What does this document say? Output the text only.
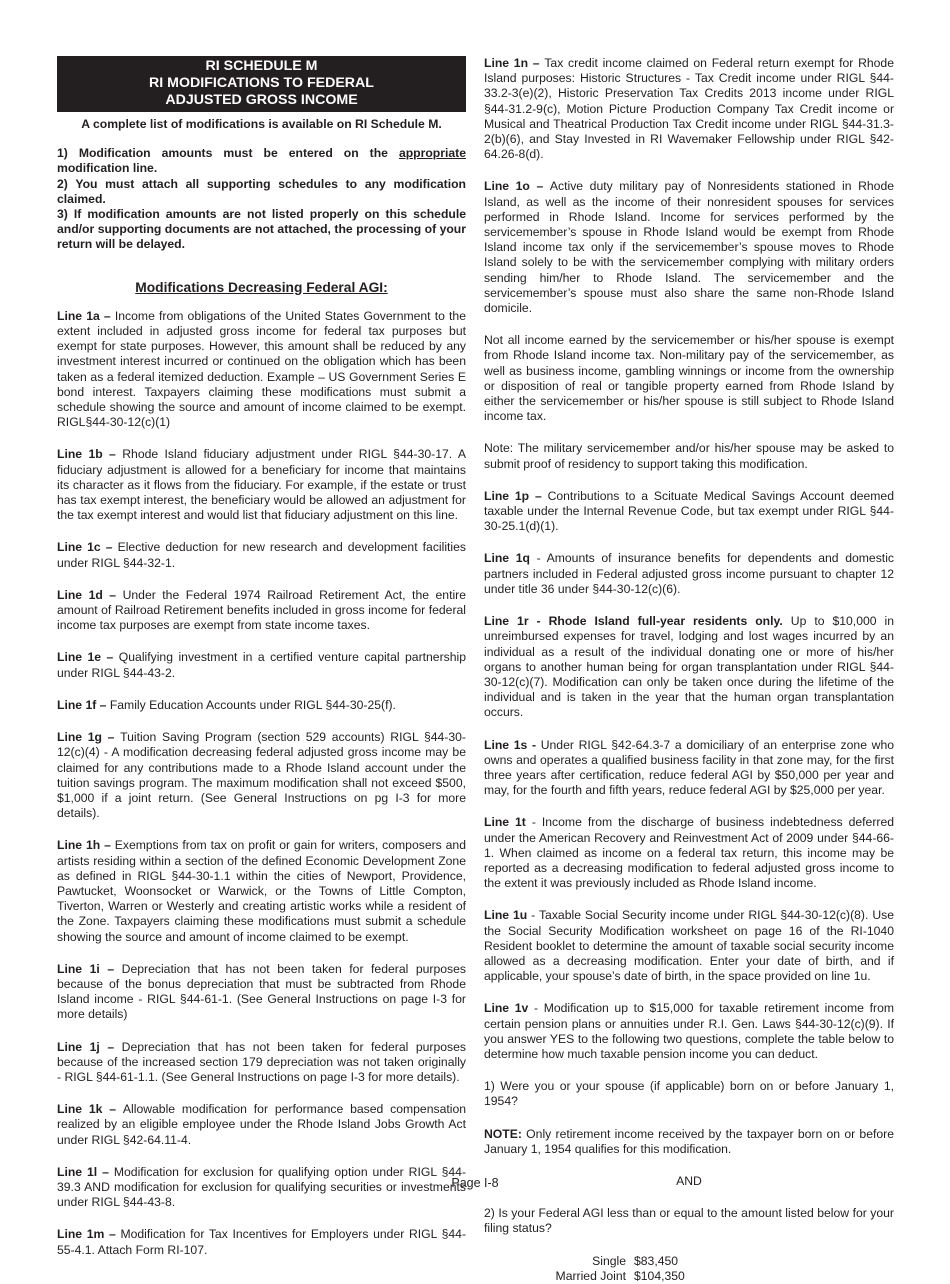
RI SCHEDULE M
RI MODIFICATIONS TO FEDERAL
ADJUSTED GROSS INCOME
A complete list of modifications is available on RI Schedule M.
1) Modification amounts must be entered on the appropriate modification line.
2) You must attach all supporting schedules to any modification claimed.
3) If modification amounts are not listed properly on this schedule and/or supporting documents are not attached, the processing of your return will be delayed.
Modifications Decreasing Federal AGI:

Line 1a – Income from obligations of the United States Government to the extent included in adjusted gross income for federal tax purposes but exempt for state purposes. However, this amount shall be reduced by any investment interest incurred or continued on the obligation which has been taken as a federal itemized deduction. Example – US Government Series E bond interest. Taxpayers claiming these modifications must submit a schedule showing the source and amount of income claimed to be exempt. RIGL§44-30-12(c)(1)

Line 1b – Rhode Island fiduciary adjustment under RIGL §44-30-17. A fiduciary adjustment is allowed for a beneficiary for income that maintains its character as it flows from the fiduciary. For example, if the estate or trust has tax exempt interest, the beneficiary would be allowed an adjustment for the tax exempt interest and would list that fiduciary adjustment on this line.

Line 1c – Elective deduction for new research and development facilities under RIGL §44-32-1.

Line 1d – Under the Federal 1974 Railroad Retirement Act, the entire amount of Railroad Retirement benefits included in gross income for federal income tax purposes are exempt from state income taxes.

Line 1e – Qualifying investment in a certified venture capital partnership under RIGL §44-43-2.

Line 1f – Family Education Accounts under RIGL §44-30-25(f).

Line 1g – Tuition Saving Program (section 529 accounts) RIGL §44-30-12(c)(4) - A modification decreasing federal adjusted gross income may be claimed for any contributions made to a Rhode Island account under the tuition savings program. The maximum modification shall not exceed $500, $1,000 if a joint return. (See General Instructions on pg I-3 for more details).

Line 1h – Exemptions from tax on profit or gain for writers, composers and artists residing within a section of the defined Economic Development Zone as defined in RIGL §44-30-1.1 within the cities of Newport, Providence, Pawtucket, Woonsocket or Warwick, or the Towns of Little Compton, Tiverton, Warren or Westerly and creating artistic works while a resident of the Zone. Taxpayers claiming these modifications must submit a schedule showing the source and amount of income claimed to be exempt.

Line 1i – Depreciation that has not been taken for federal purposes because of the bonus depreciation that must be subtracted from Rhode Island income - RIGL §44-61-1. (See General Instructions on page I-3 for more details)

Line 1j – Depreciation that has not been taken for federal purposes because of the increased section 179 depreciation was not taken originally - RIGL §44-61-1.1. (See General Instructions on page I-3 for more details).

Line 1k – Allowable modification for performance based compensation realized by an eligible employee under the Rhode Island Jobs Growth Act under RIGL §42-64.11-4.

Line 1l – Modification for exclusion for qualifying option under RIGL §44-39.3 AND modification for exclusion for qualifying securities or investments under RIGL §44-43-8.

Line 1m – Modification for Tax Incentives for Employers under RIGL §44-55-4.1. Attach Form RI-107.

Line 1n – Tax credit income claimed on Federal return exempt for Rhode Island purposes: Historic Structures - Tax Credit income under RIGL §44-33.2-3(e)(2), Historic Preservation Tax Credits 2013 income under RIGL §44-31.2-9(c), Motion Picture Production Company Tax Credit income or Musical and Theatrical Production Tax Credit income under RIGL §44-31.3-2(b)(6), and Stay Invested in RI Wavemaker Fellowship under RIGL §42-64.26-8(d).

Line 1o – Active duty military pay of Nonresidents stationed in Rhode Island, as well as the income of their nonresident spouses for services performed in Rhode Island. Income for services performed by the servicemember’s spouse in Rhode Island would be exempt from Rhode Island income tax only if the servicemember’s spouse moves to Rhode Island solely to be with the servicemember complying with military orders sending him/her to Rhode Island. The servicemember and the servicemember’s spouse must also share the same non-Rhode Island domicile.

Not all income earned by the servicemember or his/her spouse is exempt from Rhode Island income tax. Non-military pay of the servicemember, as well as business income, gambling winnings or income from the ownership or disposition of real or tangible property earned from Rhode Island by either the servicemember or his/her spouse is still subject to Rhode Island income tax.

Note: The military servicemember and/or his/her spouse may be asked to submit proof of residency to support taking this modification.

Line 1p – Contributions to a Scituate Medical Savings Account deemed taxable under the Internal Revenue Code, but tax exempt under RIGL §44-30-25.1(d)(1).

Line 1q - Amounts of insurance benefits for dependents and domestic partners included in Federal adjusted gross income pursuant to chapter 12 under title 36 under §44-30-12(c)(6).

Line 1r - Rhode Island full-year residents only. Up to $10,000 in unreimbursed expenses for travel, lodging and lost wages incurred by an individual as a result of the individual donating one or more of his/her organs to another human being for organ transplantation under RIGL §44-30-12(c)(7). Modification can only be taken once during the lifetime of the individual and is taken in the year that the human organ transplantation occurs.

Line 1s - Under RIGL §42-64.3-7 a domiciliary of an enterprise zone who owns and operates a qualified business facility in that zone may, for the first three years after certification, reduce federal AGI by $50,000 per year and may, for the fourth and fifth years, reduce federal AGI by $25,000 per year.

Line 1t - Income from the discharge of business indebtedness deferred under the American Recovery and Reinvestment Act of 2009 under §44-66-1. When claimed as income on a federal tax return, this income may be reported as a decreasing modification to federal adjusted gross income to the extent it was previously included as Rhode Island income.

Line 1u - Taxable Social Security income under RIGL §44-30-12(c)(8). Use the Social Security Modification worksheet on page 16 of the RI-1040 Resident booklet to determine the amount of taxable social security income allowed as a decreasing modification. Enter your date of birth, and if applicable, your spouse’s date of birth, in the space provided on line 1u.

Line 1v - Modification up to $15,000 for taxable retirement income from certain pension plans or annuities under R.I. Gen. Laws §44-30-12(c)(9). If you answer YES to the following two questions, complete the table below to determine how much taxable pension income you can deduct.

1) Were you or your spouse (if applicable) born on or before January 1, 1954?

NOTE: Only retirement income received by the taxpayer born on or before January 1, 1954 qualifies for this modification.

AND

2) Is your Federal AGI less than or equal to the amount listed below for your filing status?

Single $83,450
Married Joint $104,350
Page I-8
